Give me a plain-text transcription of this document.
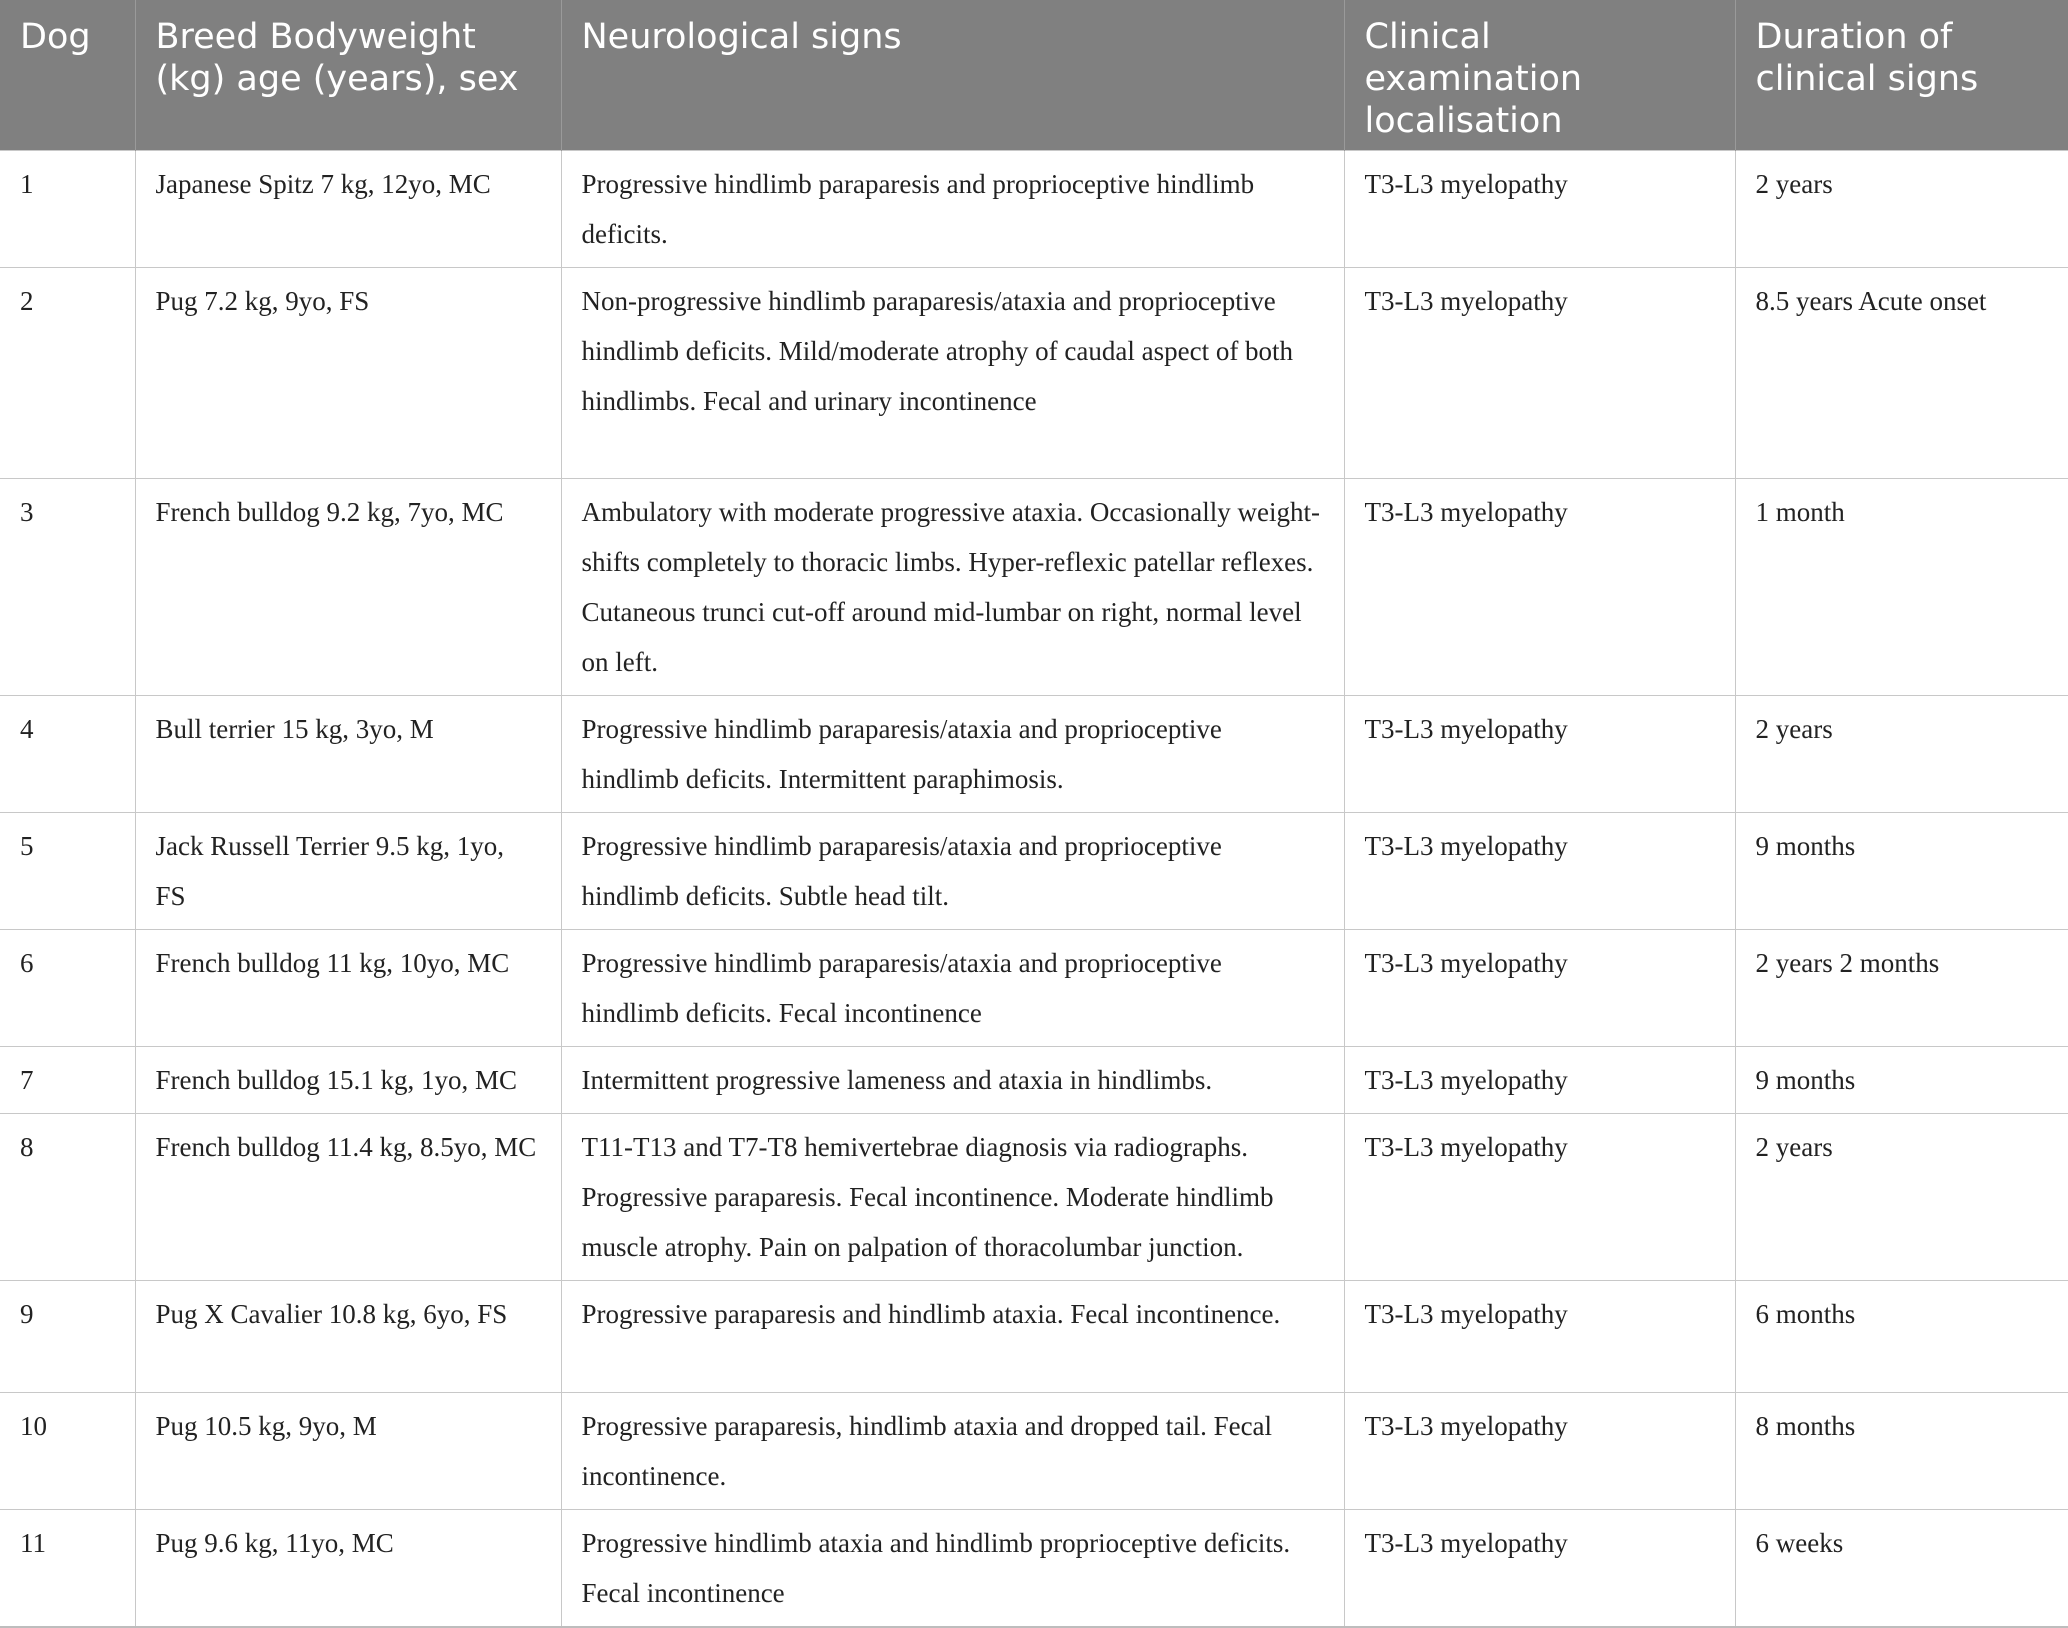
Dog	Breed Bodyweight (kg) age (years), sex	Neurological signs	Clinical examination localisation	Duration of clinical signs
1	Japanese Spitz 7 kg, 12yo, MC	Progressive hindlimb paraparesis and proprioceptive hindlimb deficits.	T3-L3 myelopathy	2 years
2	Pug 7.2 kg, 9yo, FS	Non-progressive hindlimb paraparesis/ataxia and proprioceptive hindlimb deficits. Mild/moderate atrophy of caudal aspect of both hindlimbs. Fecal and urinary incontinence	T3-L3 myelopathy	8.5 years Acute onset
3	French bulldog 9.2 kg, 7yo, MC	Ambulatory with moderate progressive ataxia. Occasionally weight-shifts completely to thoracic limbs. Hyper-reflexic patellar reflexes. Cutaneous trunci cut-off around mid-lumbar on right, normal level on left.	T3-L3 myelopathy	1 month
4	Bull terrier 15 kg, 3yo, M	Progressive hindlimb paraparesis/ataxia and proprioceptive hindlimb deficits. Intermittent paraphimosis.	T3-L3 myelopathy	2 years
5	Jack Russell Terrier 9.5 kg, 1yo, FS	Progressive hindlimb paraparesis/ataxia and proprioceptive hindlimb deficits. Subtle head tilt.	T3-L3 myelopathy	9 months
6	French bulldog 11 kg, 10yo, MC	Progressive hindlimb paraparesis/ataxia and proprioceptive hindlimb deficits. Fecal incontinence	T3-L3 myelopathy	2 years 2 months
7	French bulldog 15.1 kg, 1yo, MC	Intermittent progressive lameness and ataxia in hindlimbs.	T3-L3 myelopathy	9 months
8	French bulldog 11.4 kg, 8.5yo, MC	T11-T13 and T7-T8 hemivertebrae diagnosis via radiographs. Progressive paraparesis. Fecal incontinence. Moderate hindlimb muscle atrophy. Pain on palpation of thoracolumbar junction.	T3-L3 myelopathy	2 years
9	Pug X Cavalier 10.8 kg, 6yo, FS	Progressive paraparesis and hindlimb ataxia. Fecal incontinence.	T3-L3 myelopathy	6 months
10	Pug 10.5 kg, 9yo, M	Progressive paraparesis, hindlimb ataxia and dropped tail. Fecal incontinence.	T3-L3 myelopathy	8 months
11	Pug 9.6 kg, 11yo, MC	Progressive hindlimb ataxia and hindlimb proprioceptive deficits. Fecal incontinence	T3-L3 myelopathy	6 weeks
